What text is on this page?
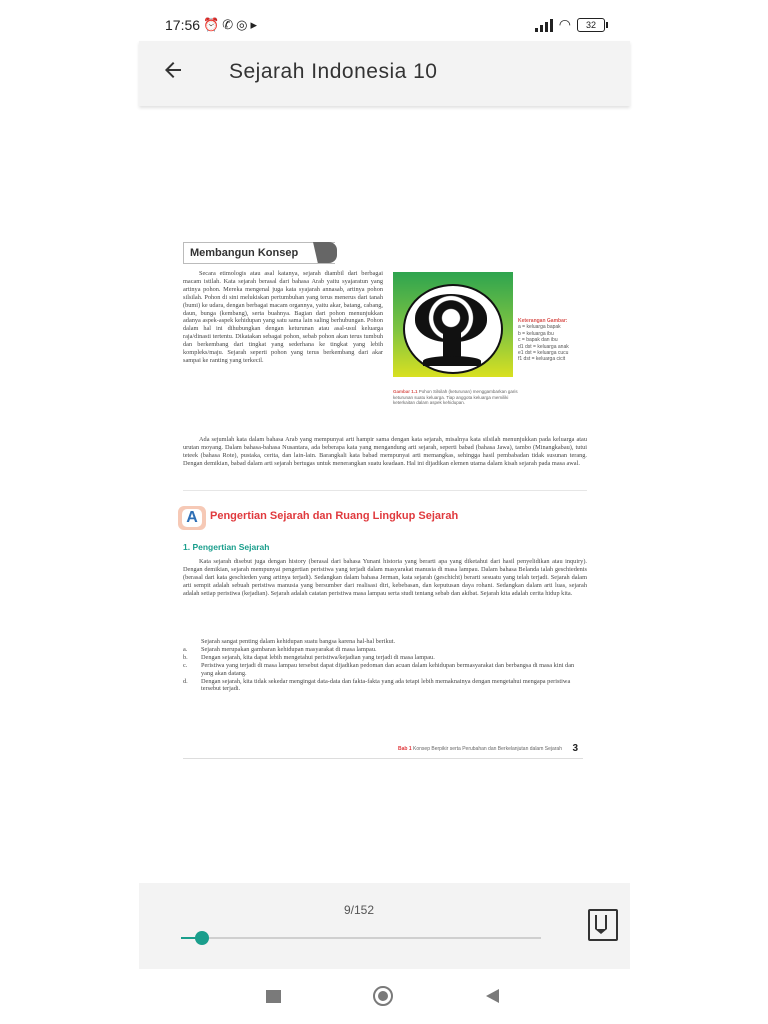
17:56 ⏰✆◎▸	◠	32
Sejarah Indonesia 10
Membangun Konsep
Secara etimologis atau asal katanya, sejarah diambil dari berbagai macam istilah. Kata sejarah berasal dari bahasa Arab yaitu syajaratun yang artinya pohon. Mereka mengenal juga kata syajarah annasab, artinya pohon silsilah. Pohon di sini melukiskan pertumbuhan yang terus menerus dari tanah (bumi) ke udara, dengan berbagai macam organnya, yaitu akar, batang, cabang, daun, bunga (kembang), serta buahnya. Bagian dari pohon menunjukkan adanya aspek-aspek kehidupan yang satu sama lain saling berhubungan. Pohon dalam hal ini dihubungkan dengan keturunan atau asal-usul keluarga raja/dinasti tertentu. Dikatakan sebagai pohon, sebab pohon akan terus tumbuh dan berkembang dari tingkat yang sederhana ke tingkat yang lebih kompleks/maju. Sejarah seperti pohon yang terus berkembang dari akar sampai ke ranting yang terkecil.
Keterangan Gambar:
a = keluarga bapak
b = keluarga ibu
c = bapak dan ibu
d1 dst = keluarga anak
e1 dst = keluarga cucu
f1 dst = keluarga cicit
Gambar 1.1 Pohon Silsilah (keturunan) menggambarkan garis keturunan suatu keluarga. Tiap anggota keluarga memiliki keterkaitan dalam aspek kehidupan.
Ada sejumlah kata dalam bahasa Arab yang mempunyai arti hampir sama dengan kata sejarah, misalnya kata silsilah menunjukkan pada keluarga atau urutan moyang. Dalam bahasa-bahasa Nusantara, ada beberapa kata yang mengandung arti sejarah, seperti babad (bahasa Jawa), tambo (Minangkabau), tutui teteek (bahasa Rote), pustaka, cerita, dan lain-lain. Barangkali kata babad mempunyai arti memangkas, sehingga hasil pembabadan tidak susunan terang. Dengan demikian, babad dalam arti sejarah bertugas untuk menerangkan suatu keadaan. Hal ini dijadikan elemen utama dalam kisah sejarah pada masa awal.
A	Pengertian Sejarah dan Ruang Lingkup Sejarah
1. Pengertian Sejarah
Kata sejarah disebut juga dengan history (berasal dari bahasa Yunani historia yang berarti apa yang diketahui dari hasil penyelidikan atau inquiry). Dengan demikian, sejarah mempunyai pengertian peristiwa yang terjadi dalam masyarakat manusia di masa lampau. Dalam bahasa Belanda ialah geschiedenis (berasal dari kata geschieden yang artinya terjadi). Sedangkan dalam bahasa Jerman, kata sejarah (geschicht) berarti sesuatu yang telah terjadi. Sejarah dalam arti sempit adalah sebuah peristiwa manusia yang bersumber dari realisasi diri, kebebasan, dan keputusan daya rohani. Sedangkan dalam arti luas, sejarah adalah setiap peristiwa (kejadian). Sejarah adalah catatan peristiwa masa lampau serta studi tentang sebab dan akibat. Sejarah kita adalah cerita hidup kita.
Sejarah sangat penting dalam kehidupan suatu bangsa karena hal-hal berikut.
a.	Sejarah merupakan gambaran kehidupan masyarakat di masa lampau.
b.	Dengan sejarah, kita dapat lebih mengetahui peristiwa/kejadian yang terjadi di masa lampau.
c.	Peristiwa yang terjadi di masa lampau tersebut dapat dijadikan pedoman dan acuan dalam kehidupan bermasyarakat dan berbangsa di masa kini dan yang akan datang.
d.	Dengan sejarah, kita tidak sekedar mengingat data-data dan fakta-fakta yang ada tetapi lebih memaknainya dengan mengetahui mengapa peristiwa tersebut terjadi.
Bab 1 Konsep Berpikir serta Perubahan dan Berkelanjutan dalam Sejarah 3
9/152
